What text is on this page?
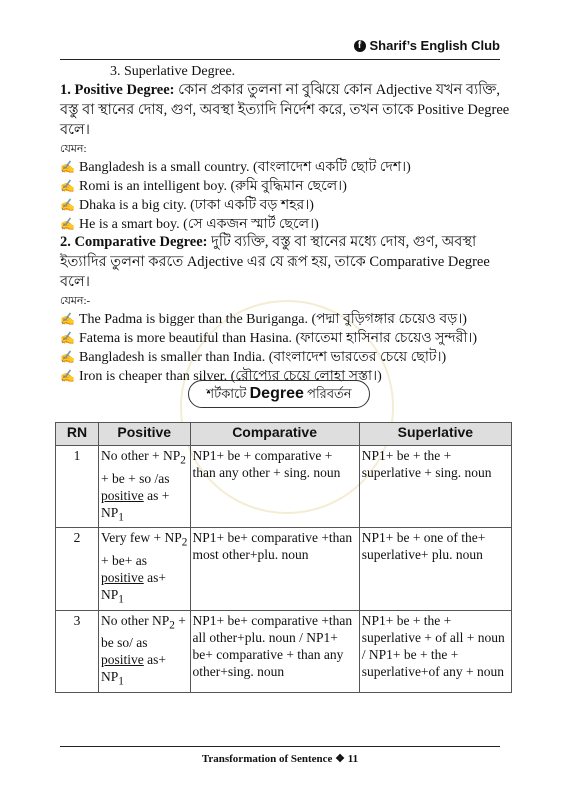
f Sharif’s English Club
3. Superlative Degree.
1. Positive Degree: কোন প্রকার তুলনা না বুঝিয়ে কোন Adjective যখন ব্যক্তি, বস্তু বা স্থানের দোষ, গুণ, অবস্থা ইত্যাদি নির্দেশ করে, তখন তাকে Positive Degree বলে।
যেমন:
✍ Bangladesh is a small country. (বাংলাদেশ একটি ছোট দেশ।)
✍ Romi is an intelligent boy. (রুমি বুদ্ধিমান ছেলে।)
✍ Dhaka is a big city. (ঢাকা একটি বড় শহর।)
✍ He is a smart boy. (সে একজন স্মার্ট ছেলে।)
2. Comparative Degree: দুটি ব্যক্তি, বস্তু বা স্থানের মধ্যে দোষ, গুণ, অবস্থা ইত্যাদির তুলনা করতে Adjective এর যে রূপ হয়, তাকে Comparative Degree বলে।
যেমন:-
✍ The Padma is bigger than the Buriganga. (পদ্মা বুড়িগঙ্গার চেয়েও বড়।)
✍ Fatema is more beautiful than Hasina. (ফাতেমা হাসিনার চেয়েও সুন্দরী।)
✍ Bangladesh is smaller than India. (বাংলাদেশ ভারতের চেয়ে ছোট।)
✍ Iron is cheaper than silver. (রৌপ্যের চেয়ে লোহা সস্তা।)
শর্টকাটে Degree পরিবর্তন
RN	Positive	Comparative	Superlative
1	No other + $NP_2$ + be + so /as positive as + $NP_1$	NP1+ be + comparative + than any other + sing. noun	NP1+ be + the + superlative + sing. noun
2	Very few + $NP_2 + be+$ as positive $as+ NP_1$	NP1+ be+ comparative +than most other+plu. noun	NP1+ be + one of the+ superlative+ plu. noun
3	No other $NP_2$ + be so/ as positive $as+ NP_1$	NP1+ be+ comparative +than all other+plu. noun / NP1+ be+ comparative + than any other+sing. noun	NP1+ be + the + superlative + of all + noun / NP1+ be + the + superlative+of any + noun
Transformation of Sentence ❖ 11
